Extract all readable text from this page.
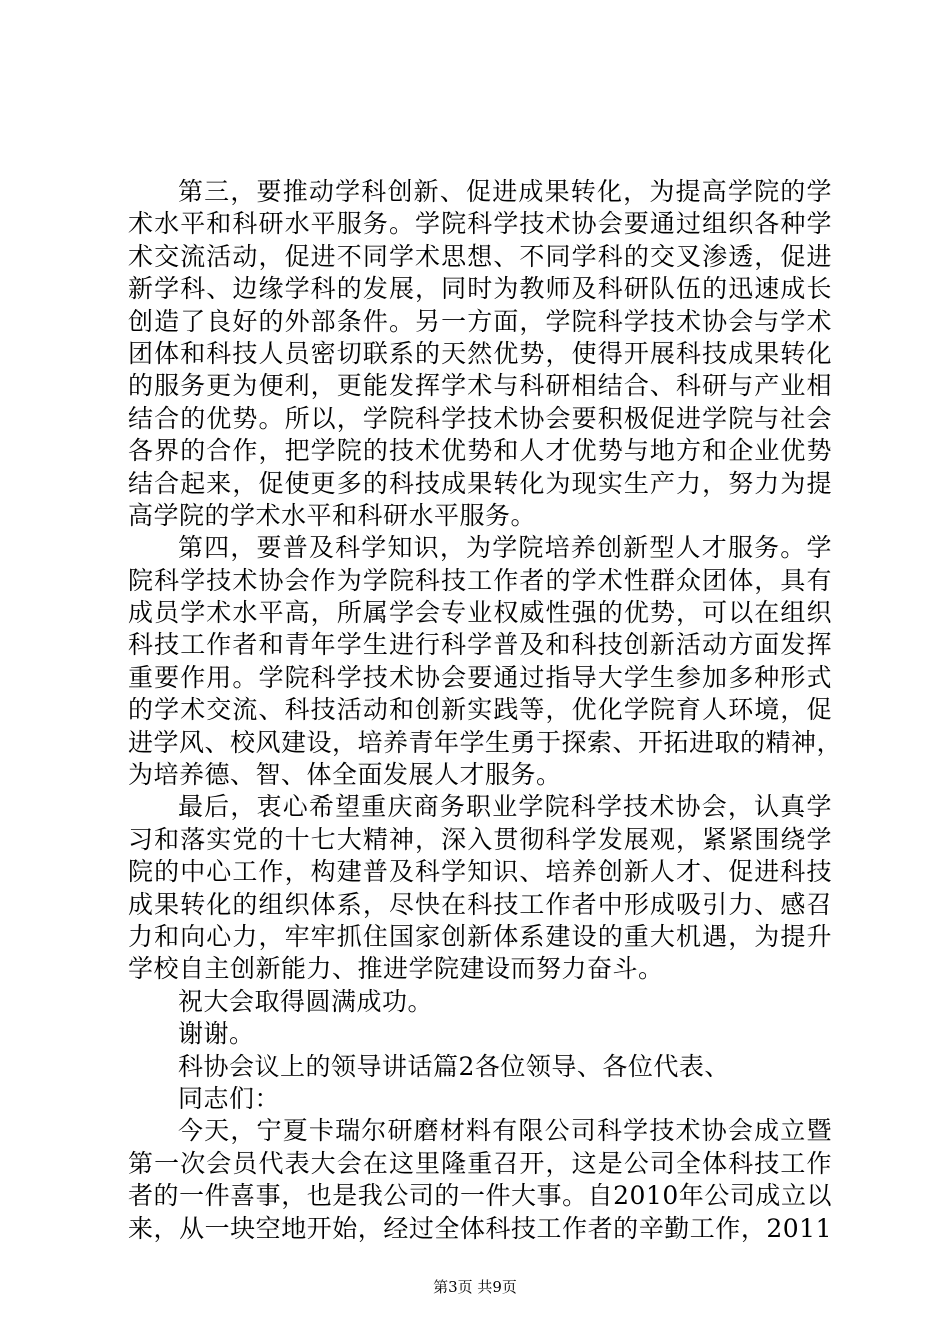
第三，要推动学科创新、促进成果转化，为提高学院的学
术水平和科研水平服务。学院科学技术协会要通过组织各种学
术交流活动，促进不同学术思想、不同学科的交叉渗透，促进
新学科、边缘学科的发展，同时为教师及科研队伍的迅速成长
创造了良好的外部条件。另一方面，学院科学技术协会与学术
团体和科技人员密切联系的天然优势，使得开展科技成果转化
的服务更为便利，更能发挥学术与科研相结合、科研与产业相
结合的优势。所以，学院科学技术协会要积极促进学院与社会
各界的合作，把学院的技术优势和人才优势与地方和企业优势
结合起来，促使更多的科技成果转化为现实生产力，努力为提
高学院的学术水平和科研水平服务。
第四，要普及科学知识，为学院培养创新型人才服务。学
院科学技术协会作为学院科技工作者的学术性群众团体，具有
成员学术水平高，所属学会专业权威性强的优势，可以在组织
科技工作者和青年学生进行科学普及和科技创新活动方面发挥
重要作用。学院科学技术协会要通过指导大学生参加多种形式
的学术交流、科技活动和创新实践等，优化学院育人环境，促
进学风、校风建设，培养青年学生勇于探索、开拓进取的精神，
为培养德、智、体全面发展人才服务。
最后，衷心希望重庆商务职业学院科学技术协会，认真学
习和落实党的十七大精神，深入贯彻科学发展观，紧紧围绕学
院的中心工作，构建普及科学知识、培养创新人才、促进科技
成果转化的组织体系，尽快在科技工作者中形成吸引力、感召
力和向心力，牢牢抓住国家创新体系建设的重大机遇，为提升
学校自主创新能力、推进学院建设而努力奋斗。
祝大会取得圆满成功。
谢谢。
科协会议上的领导讲话篇2各位领导、各位代表、
同志们：
今天，宁夏卡瑞尔研磨材料有限公司科学技术协会成立暨
第一次会员代表大会在这里隆重召开，这是公司全体科技工作
者的一件喜事，也是我公司的一件大事。自2010年公司成立以
来，从一块空地开始，经过全体科技工作者的辛勤工作，2011
第3页 共9页
